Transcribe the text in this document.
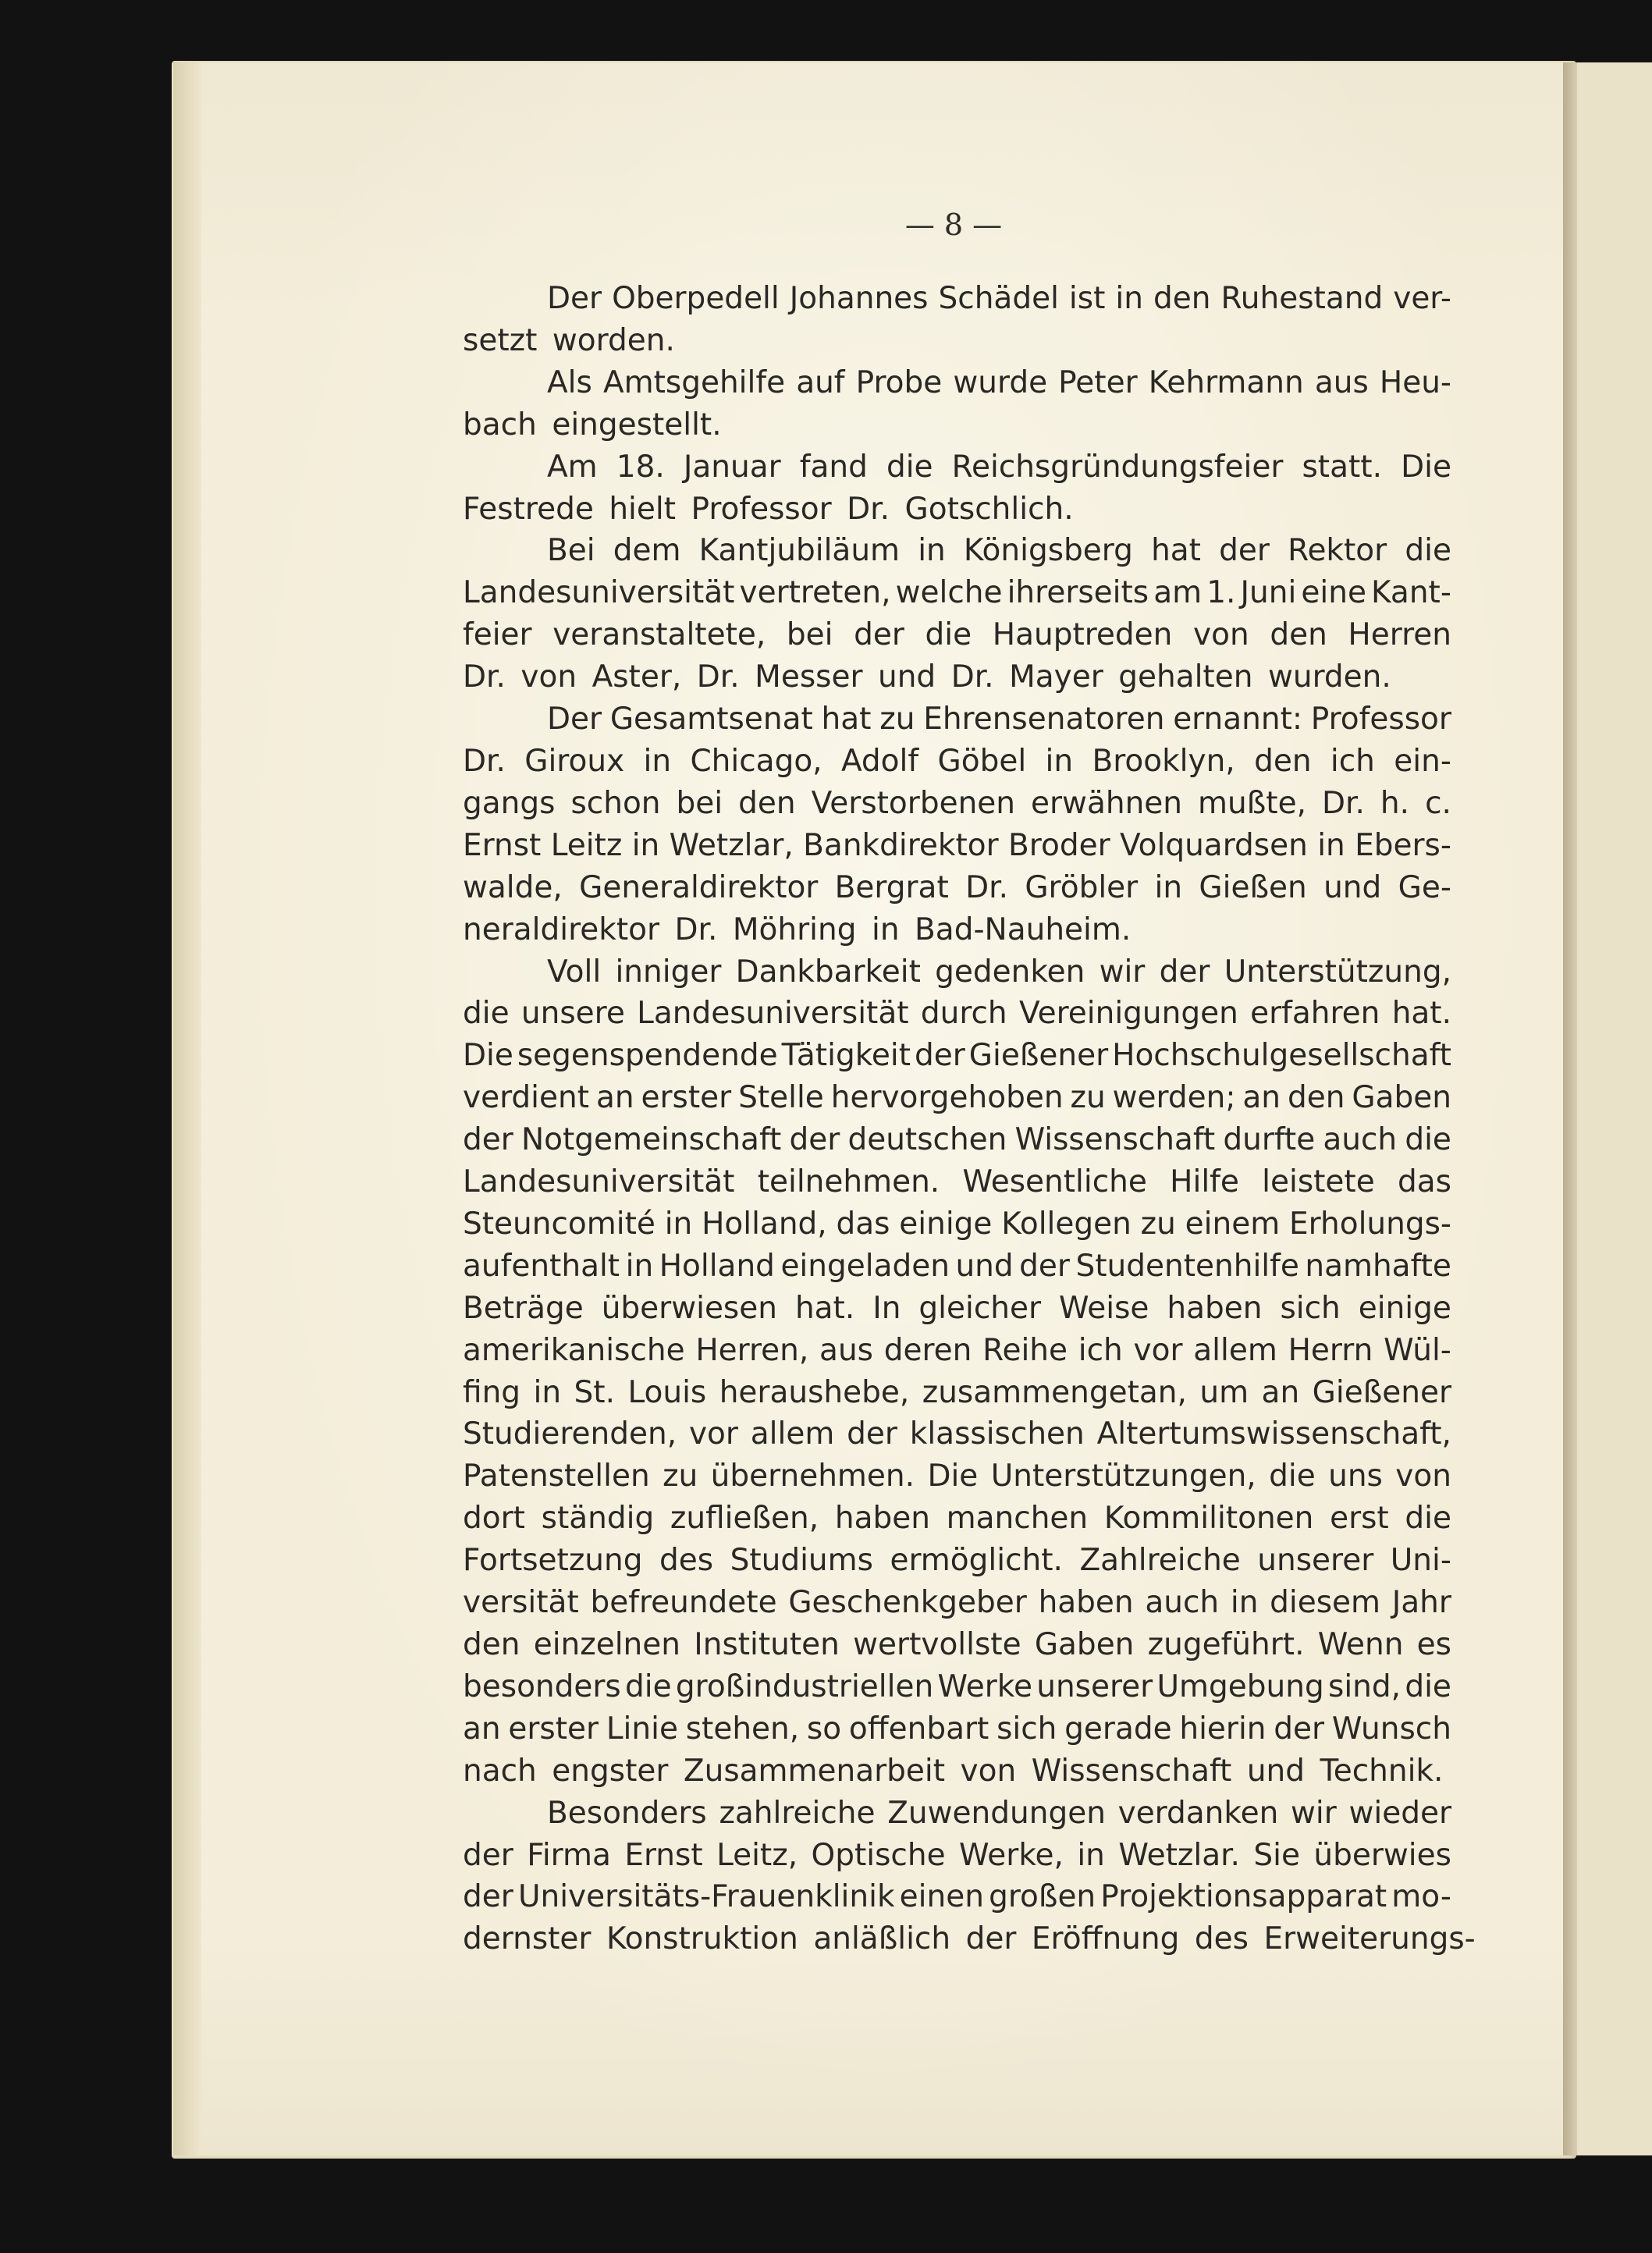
— 8 —
Der Oberpedell Johannes Schädel ist in den Ruhestand ver-
setzt worden.
Als Amtsgehilfe auf Probe wurde Peter Kehrmann aus Heu-
bach eingestellt.
Am 18. Januar fand die Reichsgründungsfeier statt. Die
Festrede hielt Professor Dr. Gotschlich.
Bei dem Kantjubiläum in Königsberg hat der Rektor die
Landesuniversität vertreten, welche ihrerseits am 1. Juni eine Kant-
feier veranstaltete, bei der die Hauptreden von den Herren
Dr. von Aster, Dr. Messer und Dr. Mayer gehalten wurden.
Der Gesamtsenat hat zu Ehrensenatoren ernannt: Professor
Dr. Giroux in Chicago, Adolf Göbel in Brooklyn, den ich ein-
gangs schon bei den Verstorbenen erwähnen mußte, Dr. h. c.
Ernst Leitz in Wetzlar, Bankdirektor Broder Volquardsen in Ebers-
walde, Generaldirektor Bergrat Dr. Gröbler in Gießen und Ge-
neraldirektor Dr. Möhring in Bad-Nauheim.
Voll inniger Dankbarkeit gedenken wir der Unterstützung,
die unsere Landesuniversität durch Vereinigungen erfahren hat.
Die segenspendende Tätigkeit der Gießener Hochschulgesellschaft
verdient an erster Stelle hervorgehoben zu werden; an den Gaben
der Notgemeinschaft der deutschen Wissenschaft durfte auch die
Landesuniversität teilnehmen. Wesentliche Hilfe leistete das
Steuncomité in Holland, das einige Kollegen zu einem Erholungs-
aufenthalt in Holland eingeladen und der Studentenhilfe namhafte
Beträge überwiesen hat. In gleicher Weise haben sich einige
amerikanische Herren, aus deren Reihe ich vor allem Herrn Wül-
fing in St. Louis heraushebe, zusammengetan, um an Gießener
Studierenden, vor allem der klassischen Altertumswissenschaft,
Patenstellen zu übernehmen. Die Unterstützungen, die uns von
dort ständig zufließen, haben manchen Kommilitonen erst die
Fortsetzung des Studiums ermöglicht. Zahlreiche unserer Uni-
versität befreundete Geschenkgeber haben auch in diesem Jahr
den einzelnen Instituten wertvollste Gaben zugeführt. Wenn es
besonders die großindustriellen Werke unserer Umgebung sind, die
an erster Linie stehen, so offenbart sich gerade hierin der Wunsch
nach engster Zusammenarbeit von Wissenschaft und Technik.
Besonders zahlreiche Zuwendungen verdanken wir wieder
der Firma Ernst Leitz, Optische Werke, in Wetzlar. Sie überwies
der Universitäts-Frauenklinik einen großen Projektionsapparat mo-
dernster Konstruktion anläßlich der Eröffnung des Erweiterungs-
